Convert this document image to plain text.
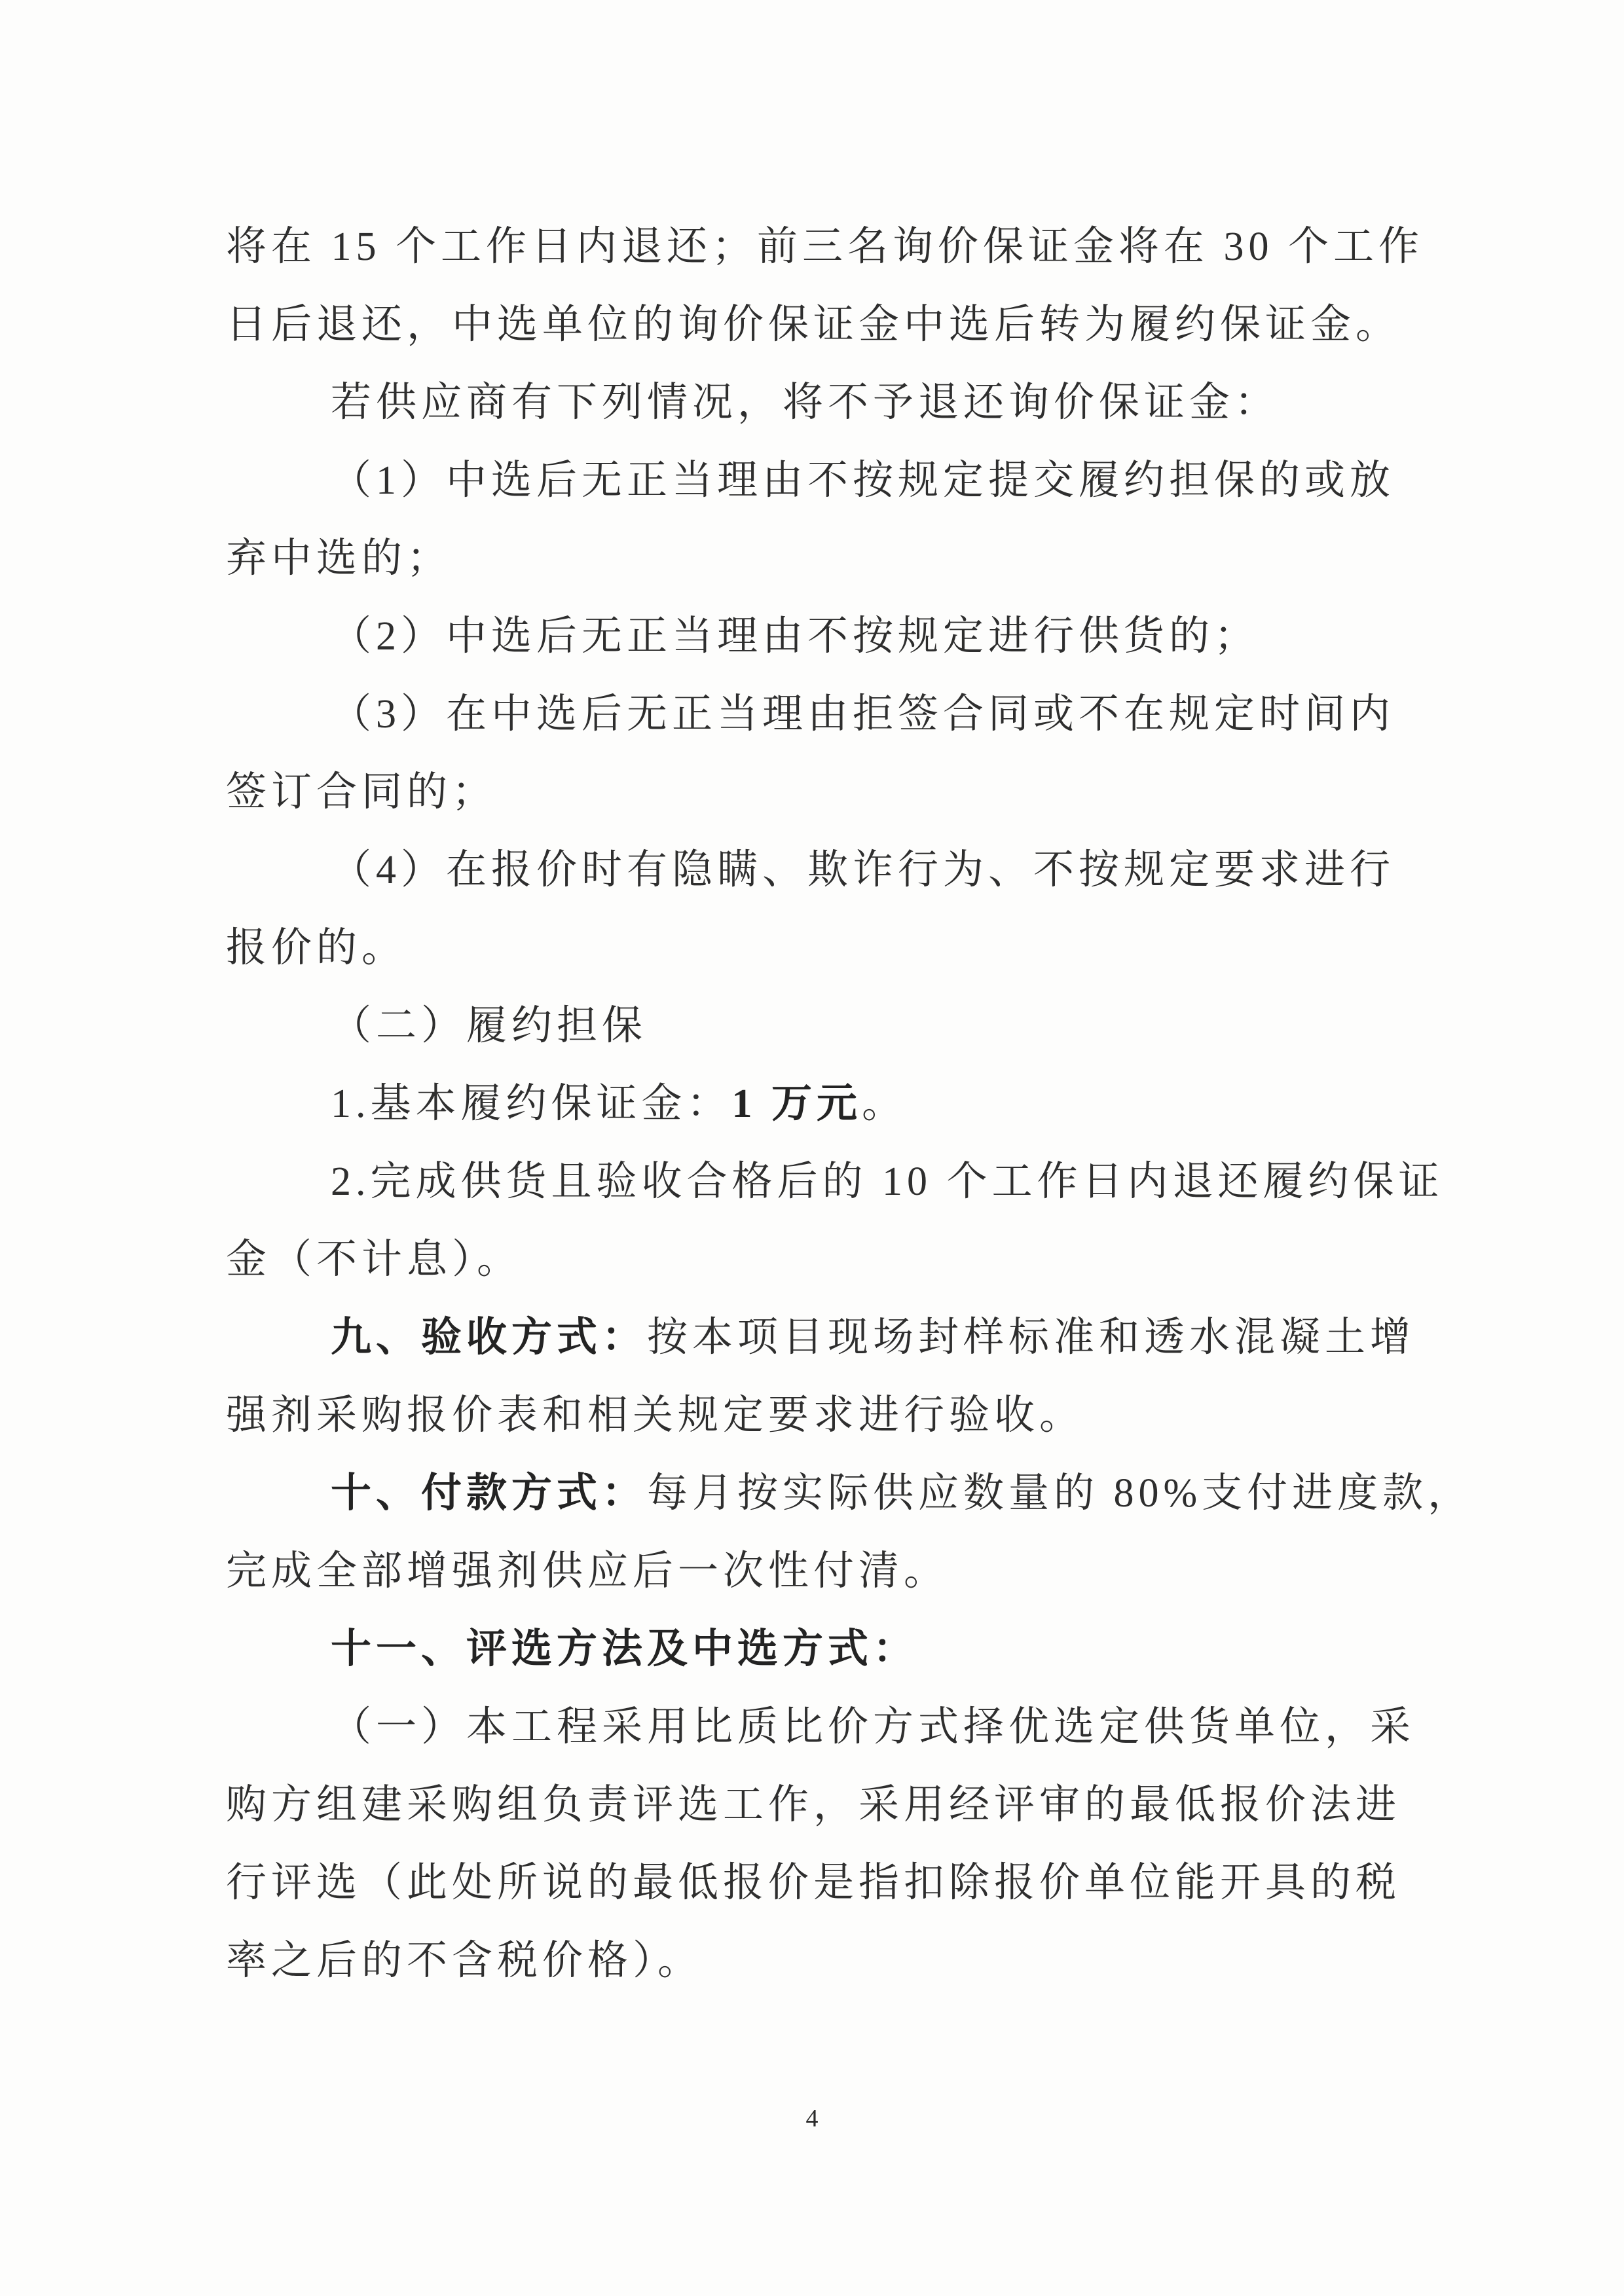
将在 15 个工作日内退还；前三名询价保证金将在 30 个工作
日后退还，中选单位的询价保证金中选后转为履约保证金。
若供应商有下列情况，将不予退还询价保证金：
（1）中选后无正当理由不按规定提交履约担保的或放
弃中选的；
（2）中选后无正当理由不按规定进行供货的；
（3）在中选后无正当理由拒签合同或不在规定时间内
签订合同的；
（4）在报价时有隐瞒、欺诈行为、不按规定要求进行
报价的。
（二）履约担保
1.基本履约保证金：1 万元。
2.完成供货且验收合格后的 10 个工作日内退还履约保证
金（不计息）。
九、验收方式：按本项目现场封样标准和透水混凝土增
强剂采购报价表和相关规定要求进行验收。
十、付款方式：每月按实际供应数量的 80%支付进度款，
完成全部增强剂供应后一次性付清。
十一、评选方法及中选方式：
（一）本工程采用比质比价方式择优选定供货单位，采
购方组建采购组负责评选工作，采用经评审的最低报价法进
行评选（此处所说的最低报价是指扣除报价单位能开具的税
率之后的不含税价格）。
4
